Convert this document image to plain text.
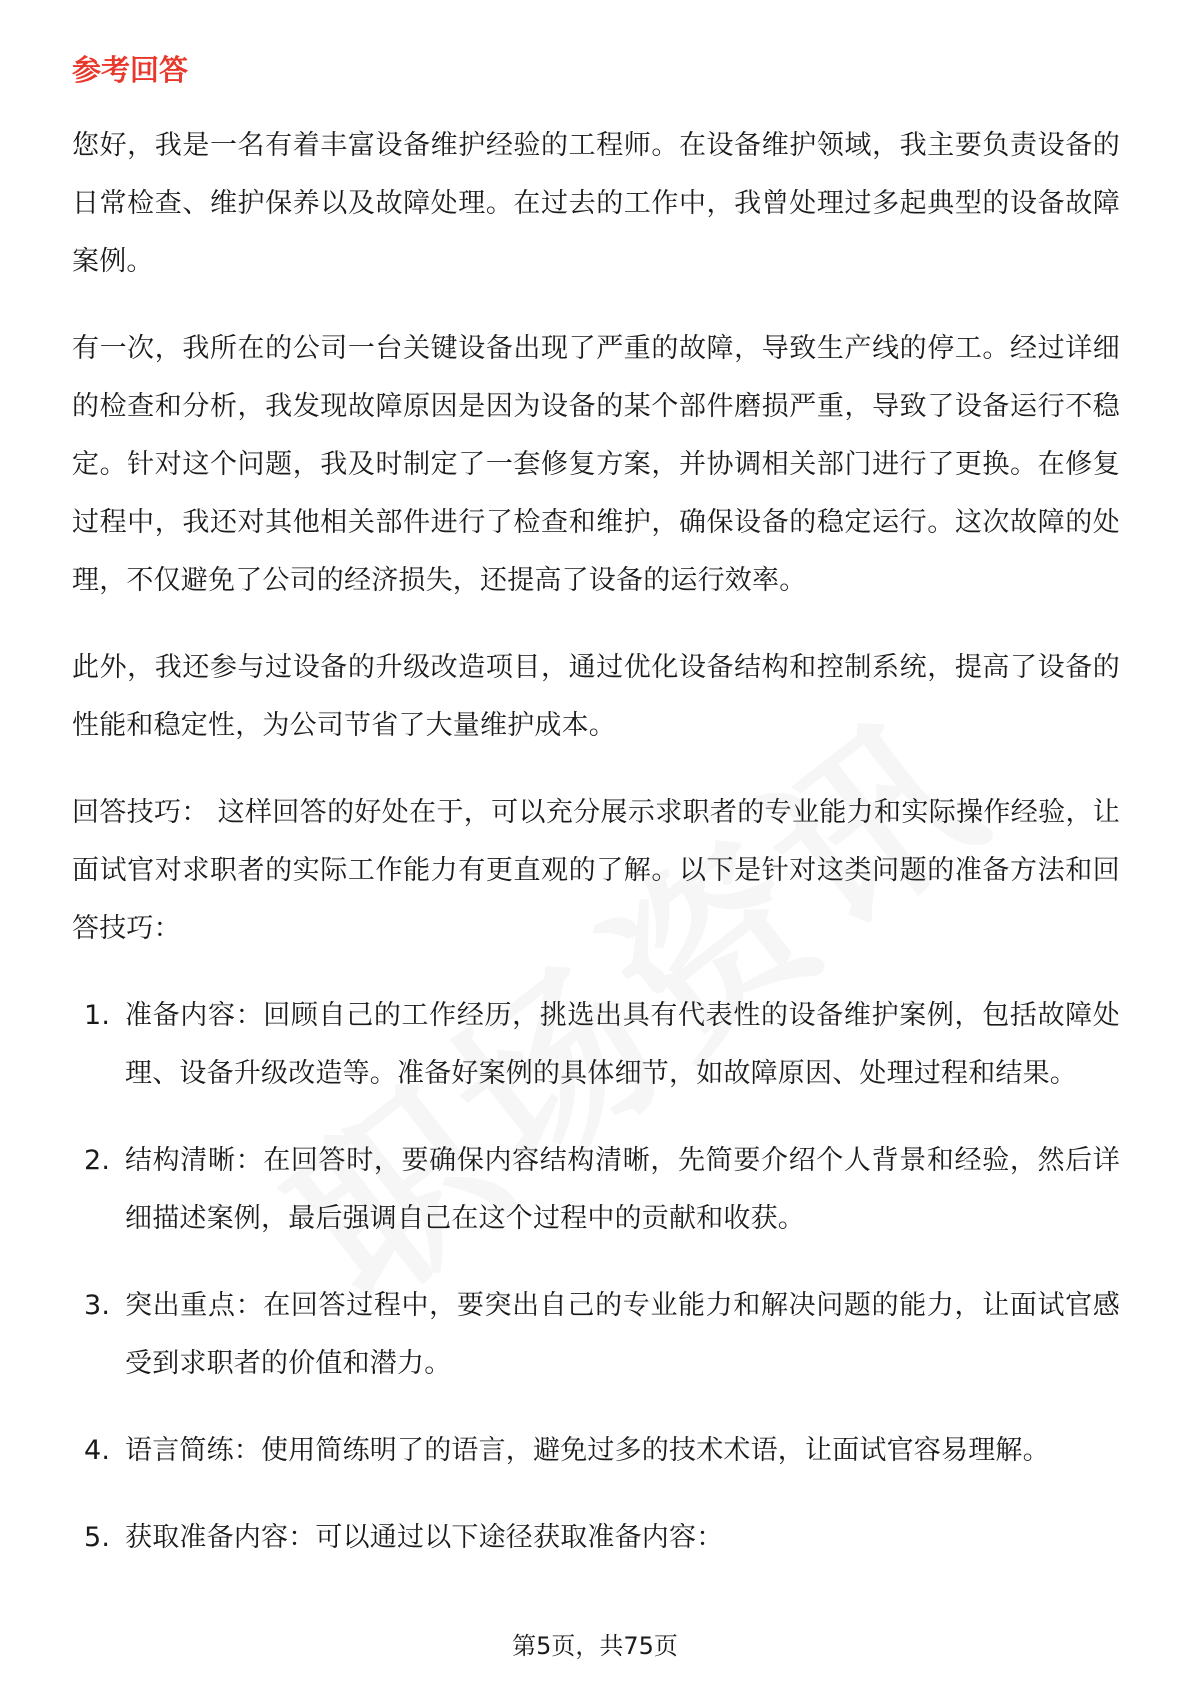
参考回答

您好，我是一名有着丰富设备维护经验的工程师。在设备维护领域，我主要负责设备的日常检查、维护保养以及故障处理。在过去的工作中，我曾处理过多起典型的设备故障案例。

有一次，我所在的公司一台关键设备出现了严重的故障，导致生产线的停工。经过详细的检查和分析，我发现故障原因是因为设备的某个部件磨损严重，导致了设备运行不稳定。针对这个问题，我及时制定了一套修复方案，并协调相关部门进行了更换。在修复过程中，我还对其他相关部件进行了检查和维护，确保设备的稳定运行。这次故障的处理，不仅避免了公司的经济损失，还提高了设备的运行效率。

此外，我还参与过设备的升级改造项目，通过优化设备结构和控制系统，提高了设备的性能和稳定性，为公司节省了大量维护成本。

回答技巧： 这样回答的好处在于，可以充分展示求职者的专业能力和实际操作经验，让面试官对求职者的实际工作能力有更直观的了解。以下是针对这类问题的准备方法和回答技巧：

1. 准备内容：回顾自己的工作经历，挑选出具有代表性的设备维护案例，包括故障处理、设备升级改造等。准备好案例的具体细节，如故障原因、处理过程和结果。
2. 结构清晰：在回答时，要确保内容结构清晰，先简要介绍个人背景和经验，然后详细描述案例，最后强调自己在这个过程中的贡献和收获。
3. 突出重点：在回答过程中，要突出自己的专业能力和解决问题的能力，让面试官感受到求职者的价值和潜力。
4. 语言简练：使用简练明了的语言，避免过多的技术术语，让面试官容易理解。
5. 获取准备内容：可以通过以下途径获取准备内容：
第5页，共75页
